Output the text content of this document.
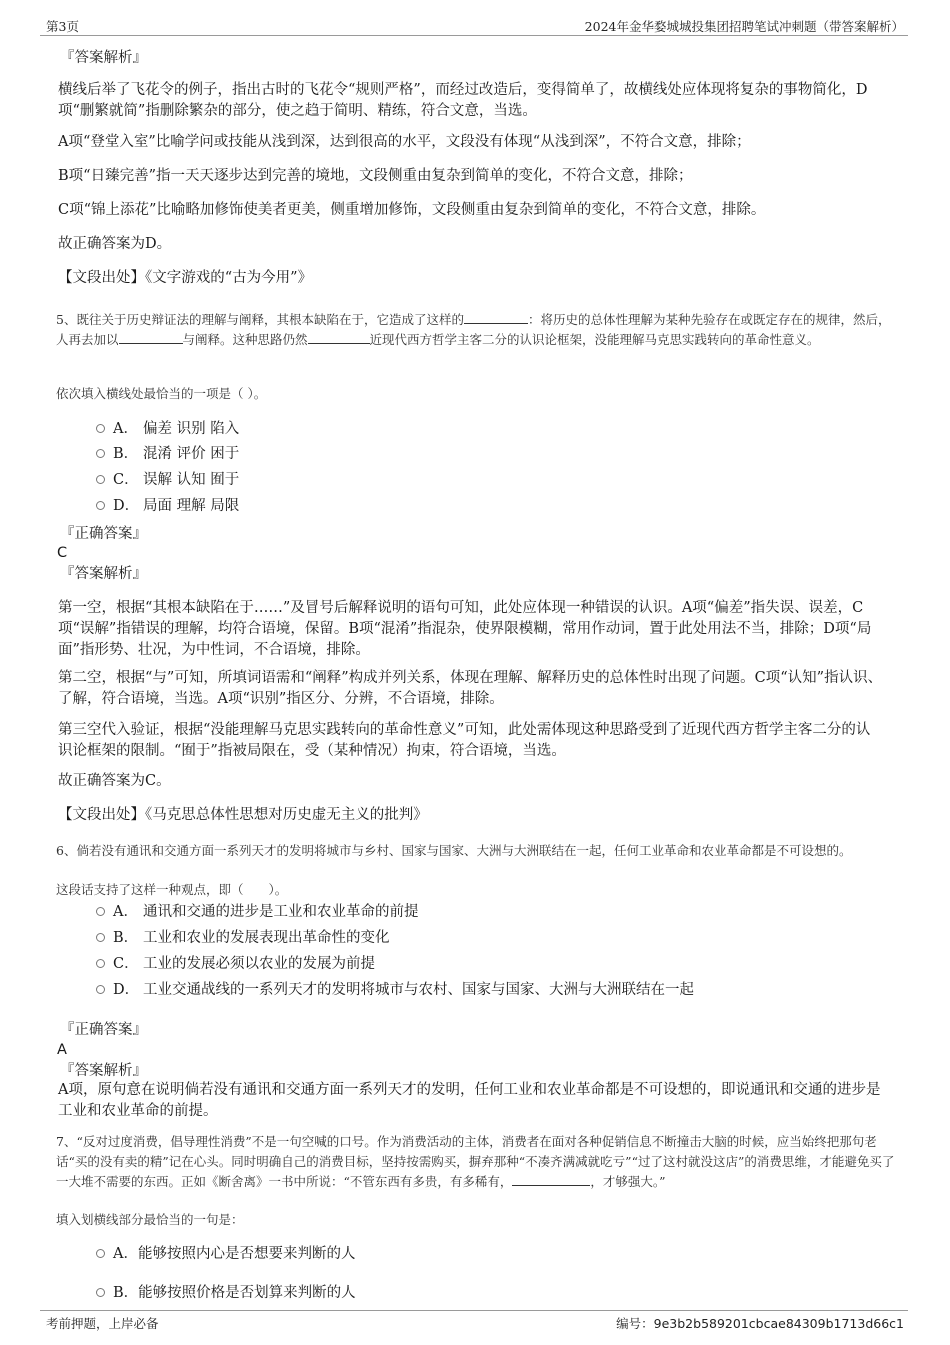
第3页	2024年金华婺城城投集团招聘笔试冲刺题（带答案解析）
『答案解析』
横线后举了飞花令的例子，指出古时的飞花令“规则严格”，而经过改造后，变得简单了，故横线处应体现将复杂的事物简化，D项“删繁就简”指删除繁杂的部分，使之趋于简明、精练，符合文意，当选。
A项“登堂入室”比喻学问或技能从浅到深，达到很高的水平，文段没有体现“从浅到深”，不符合文意，排除；
B项“日臻完善”指一天天逐步达到完善的境地，文段侧重由复杂到简单的变化，不符合文意，排除；
C项“锦上添花”比喻略加修饰使美者更美，侧重增加修饰，文段侧重由复杂到简单的变化，不符合文意，排除。
故正确答案为D。
【文段出处】《文字游戏的“古为今用”》
5、既往关于历史辩证法的理解与阐释，其根本缺陷在于，它造成了这样的	：将历史的总体性理解为某种先验存在或既定存在的规律，然后，人再去加以	与阐释。这种思路仍然	近现代西方哲学主客二分的认识论框架，没能理解马克思实践转向的革命性意义。
依次填入横线处最恰当的一项是（ ）。
A． 偏差 识别 陷入
B． 混淆 评价 困于
C． 误解 认知 囿于
D． 局面 理解 局限
『正确答案』
C
『答案解析』
第一空，根据“其根本缺陷在于……”及冒号后解释说明的语句可知，此处应体现一种错误的认识。A项“偏差”指失误、误差，C项“误解”指错误的理解，均符合语境，保留。B项“混淆”指混杂，使界限模糊，常用作动词，置于此处用法不当，排除；D项“局面”指形势、壮况，为中性词，不合语境，排除。
第二空，根据“与”可知，所填词语需和“阐释”构成并列关系，体现在理解、解释历史的总体性时出现了问题。C项“认知”指认识、了解，符合语境，当选。A项“识别”指区分、分辨，不合语境，排除。
第三空代入验证，根据“没能理解马克思实践转向的革命性意义”可知，此处需体现这种思路受到了近现代西方哲学主客二分的认识论框架的限制。“囿于”指被局限在，受（某种情况）拘束，符合语境，当选。
故正确答案为C。
【文段出处】《马克思总体性思想对历史虚无主义的批判》
6、倘若没有通讯和交通方面一系列天才的发明将城市与乡村、国家与国家、大洲与大洲联结在一起，任何工业革命和农业革命都是不可设想的。
这段话支持了这样一种观点，即（　　）。
A． 通讯和交通的进步是工业和农业革命的前提
B． 工业和农业的发展表现出革命性的变化
C． 工业的发展必须以农业的发展为前提
D． 工业交通战线的一系列天才的发明将城市与农村、国家与国家、大洲与大洲联结在一起
『正确答案』
A
『答案解析』
A项，原句意在说明倘若没有通讯和交通方面一系列天才的发明，任何工业和农业革命都是不可设想的，即说通讯和交通的进步是工业和农业革命的前提。
7、“反对过度消费，倡导理性消费”不是一句空喊的口号。作为消费活动的主体，消费者在面对各种促销信息不断撞击大脑的时候，应当始终把那句老话“买的没有卖的精”记在心头。同时明确自己的消费目标，坚持按需购买，摒弃那种“不凑齐满减就吃亏”“过了这村就没这店”的消费思维，才能避免买了一大堆不需要的东西。正如《断舍离》一书中所说：“不管东西有多贵，有多稀有，	，才够强大。”
填入划横线部分最恰当的一句是：
A．能够按照内心是否想要来判断的人
B．能够按照价格是否划算来判断的人
考前押题，上岸必备	编号：9e3b2b589201cbcae84309b1713d66c1
